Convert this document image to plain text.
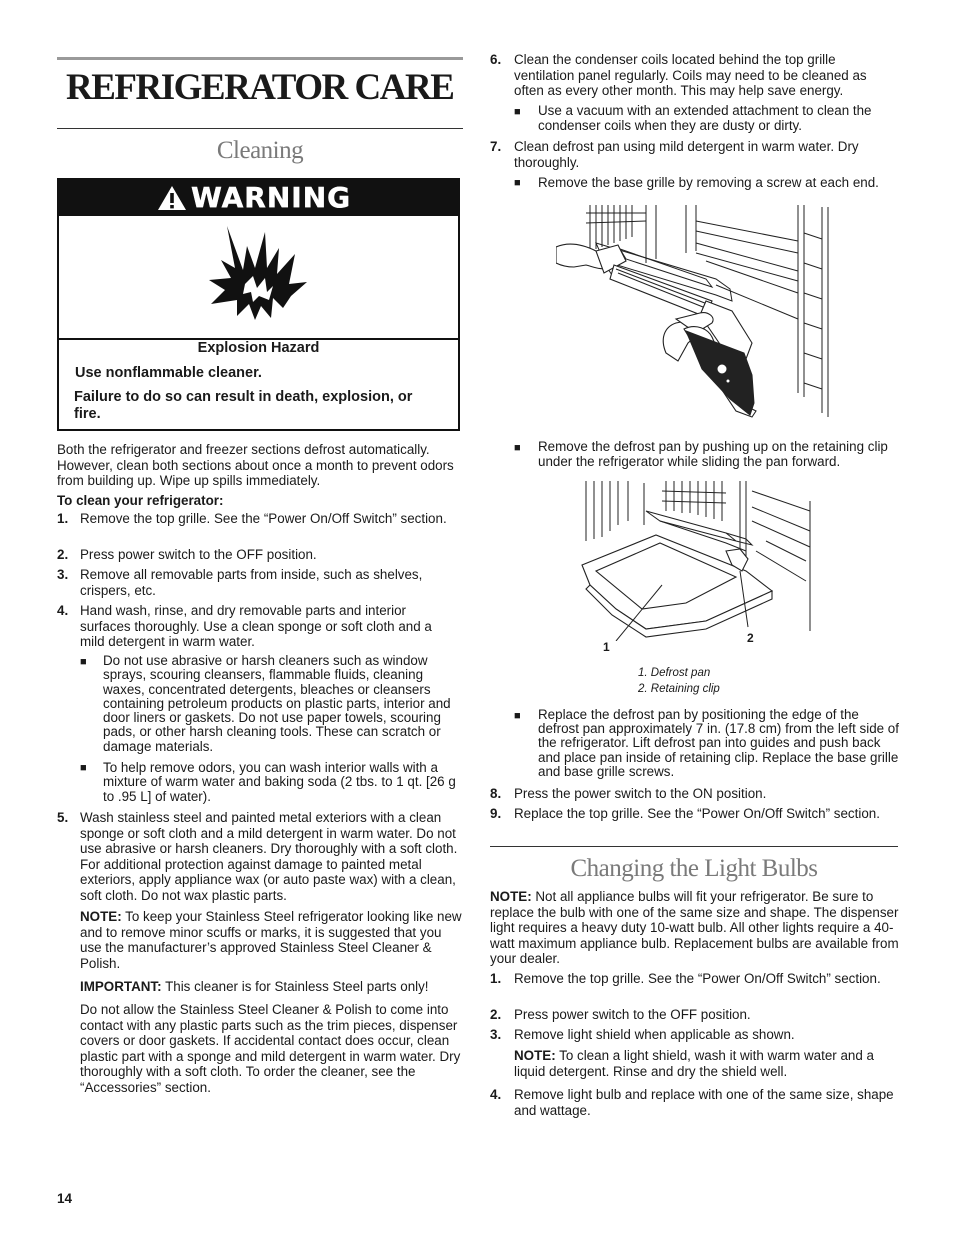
REFRIGERATOR CARE
Cleaning
WARNING
Explosion Hazard
Use nonflammable cleaner.
Failure to do so can result in death, explosion, or fire.

Both the refrigerator and freezer sections defrost automatically. However, clean both sections about once a month to prevent odors from building up. Wipe up spills immediately.

To clean your refrigerator:

1. Remove the top grille. See the “Power On/Off Switch” section.

2. Press power switch to the OFF position.

3. Remove all removable parts from inside, such as shelves, crispers, etc.

4. Hand wash, rinse, and dry removable parts and interior surfaces thoroughly. Use a clean sponge or soft cloth and a mild detergent in warm water.

■ Do not use abrasive or harsh cleaners such as window sprays, scouring cleansers, flammable fluids, cleaning waxes, concentrated detergents, bleaches or cleansers containing petroleum products on plastic parts, interior and door liners or gaskets. Do not use paper towels, scouring pads, or other harsh cleaning tools. These can scratch or damage materials.

■ To help remove odors, you can wash interior walls with a mixture of warm water and baking soda (2 tbs. to 1 qt. [26 g to .95 L] of water).

5. Wash stainless steel and painted metal exteriors with a clean sponge or soft cloth and a mild detergent in warm water. Do not use abrasive or harsh cleaners. Dry thoroughly with a soft cloth. For additional protection against damage to painted metal exteriors, apply appliance wax (or auto paste wax) with a clean, soft cloth. Do not wax plastic parts.

NOTE: To keep your Stainless Steel refrigerator looking like new and to remove minor scuffs or marks, it is suggested that you use the manufacturer’s approved Stainless Steel Cleaner & Polish.

IMPORTANT: This cleaner is for Stainless Steel parts only!

Do not allow the Stainless Steel Cleaner & Polish to come into contact with any plastic parts such as the trim pieces, dispenser covers or door gaskets. If accidental contact does occur, clean plastic part with a sponge and mild detergent in warm water. Dry thoroughly with a soft cloth. To order the cleaner, see the “Accessories” section.

14
6. Clean the condenser coils located behind the top grille ventilation panel regularly. Coils may need to be cleaned as often as every other month. This may help save energy.

■ Use a vacuum with an extended attachment to clean the condenser coils when they are dusty or dirty.

7. Clean defrost pan using mild detergent in warm water. Dry thoroughly.

■ Remove the base grille by removing a screw at each end.

■ Remove the defrost pan by pushing up on the retaining clip under the refrigerator while sliding the pan forward.

1
2
1. Defrost pan
2. Retaining clip
■ Replace the defrost pan by positioning the edge of the defrost pan approximately 7 in. (17.8 cm) from the left side of the refrigerator. Lift defrost pan into guides and push back and place pan inside of retaining clip. Replace the base grille and base grille screws.

8. Press the power switch to the ON position.

9. Replace the top grille. See the “Power On/Off Switch” section.

Changing the Light Bulbs

NOTE: Not all appliance bulbs will fit your refrigerator. Be sure to replace the bulb with one of the same size and shape. The dispenser light requires a heavy duty 10-watt bulb. All other lights require a 40-watt maximum appliance bulb. Replacement bulbs are available from your dealer.

1. Remove the top grille. See the “Power On/Off Switch” section.

2. Press power switch to the OFF position.

3. Remove light shield when applicable as shown.

NOTE: To clean a light shield, wash it with warm water and a liquid detergent. Rinse and dry the shield well.

4. Remove light bulb and replace with one of the same size, shape and wattage.
